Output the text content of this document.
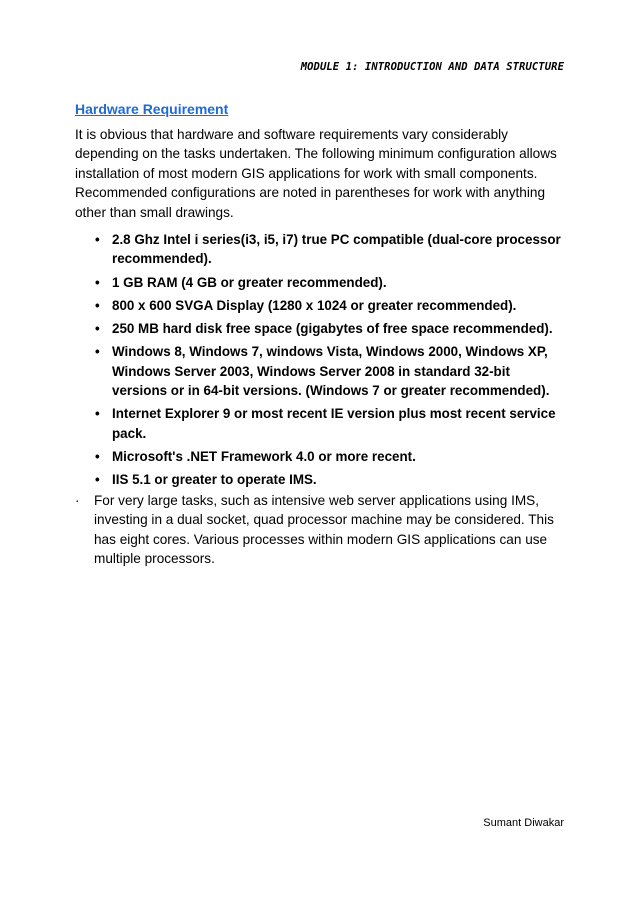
MODULE 1: INTRODUCTION AND DATA STRUCTURE
Hardware Requirement

It is obvious that hardware and software requirements vary considerably depending on the tasks undertaken. The following minimum configuration allows installation of most modern GIS applications for work with small components. Recommended configurations are noted in parentheses for work with anything other than small drawings.

• 2.8 Ghz Intel i series(i3, i5, i7) true PC compatible (dual-core processor recommended).
• 1 GB RAM (4 GB or greater recommended).
• 800 x 600 SVGA Display (1280 x 1024 or greater recommended).
• 250 MB hard disk free space (gigabytes of free space recommended).
• Windows 8, Windows 7, windows Vista, Windows 2000, Windows XP, Windows Server 2003, Windows Server 2008 in standard 32-bit versions or in 64-bit versions. (Windows 7 or greater recommended).
• Internet Explorer 9 or most recent IE version plus most recent service pack.
• Microsoft's .NET Framework 4.0 or more recent.
• IIS 5.1 or greater to operate IMS.
· For very large tasks, such as intensive web server applications using IMS, investing in a dual socket, quad processor machine may be considered. This has eight cores. Various processes within modern GIS applications can use multiple processors.

Sumant Diwakar
